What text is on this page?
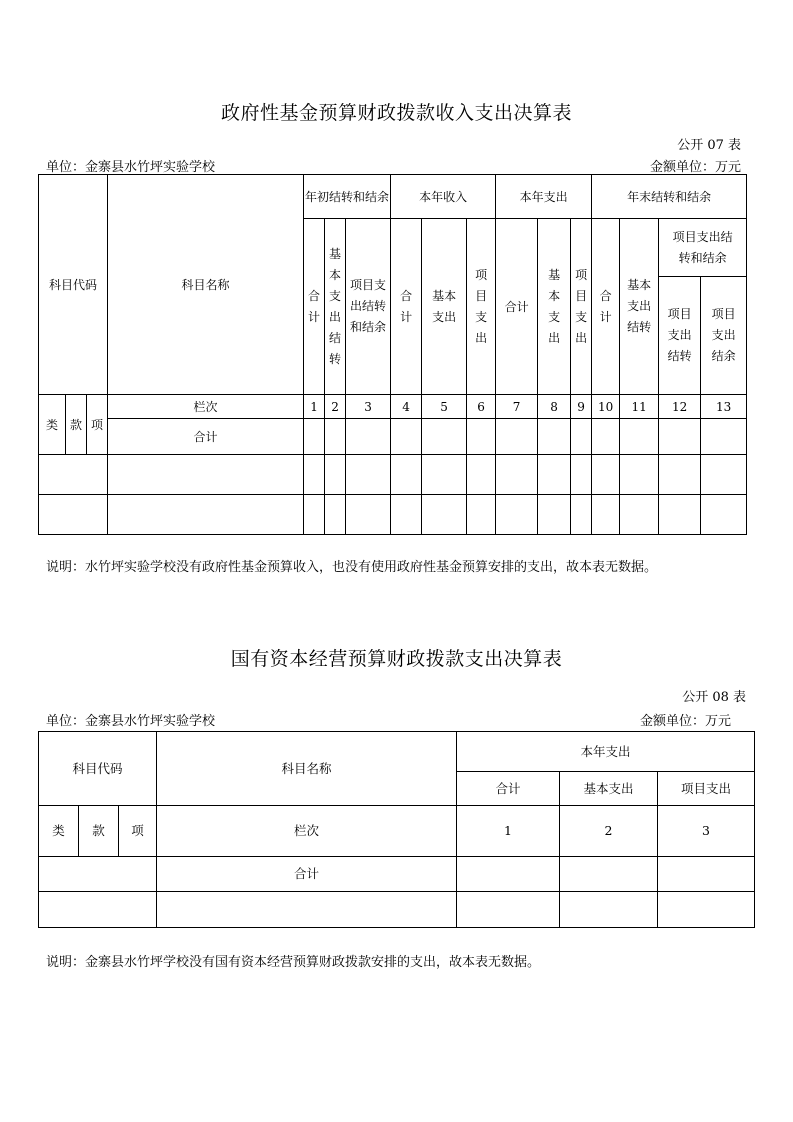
政府性基金预算财政拨款收入支出决算表
公开 07 表
单位：金寨县水竹坪实验学校	金额单位：万元
科目代码			科目名称	年初结转和结余			本年收入			本年支出			年末结转和结余			
				合计	基本支出结转	项目支出结转和结余	合计	基本支出	项目支出	合计	基本支出	项目支出	合计	基本支出结转	项目支出结转和结余	
															项目支出结转	项目支出结余
类	款	项	栏次	1	2	3	4	5	6	7	8	9	10	11	12	13
			合计													

说明：水竹坪实验学校没有政府性基金预算收入，也没有使用政府性基金预算安排的支出，故本表无数据。
国有资本经营预算财政拨款支出决算表
公开 08 表
单位：金寨县水竹坪实验学校	金额单位：万元
科目代码			科目名称	本年支出		
				合计	基本支出	项目支出
类	款	项	栏次	1	2	3
			合计			

说明：金寨县水竹坪学校没有国有资本经营预算财政拨款安排的支出，故本表无数据。
